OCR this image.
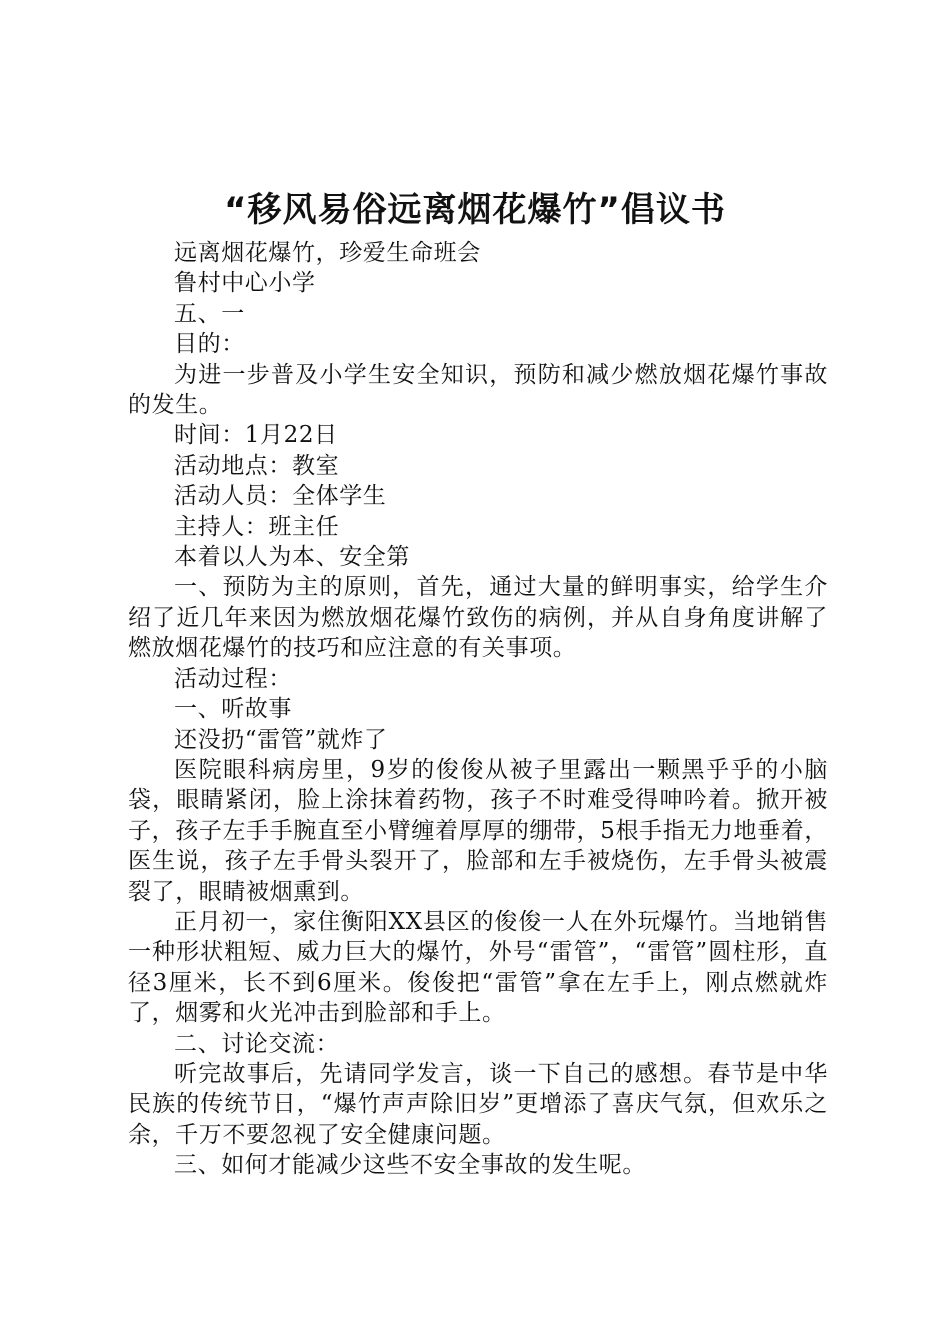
“移风易俗远离烟花爆竹”倡议书

远离烟花爆竹，珍爱生命班会

鲁村中心小学

五、一

目的：

为进一步普及小学生安全知识，预防和减少燃放烟花爆竹事故的发生。

时间：1月22日

活动地点：教室

活动人员：全体学生

主持人：班主任

本着以人为本、安全第

一、预防为主的原则，首先，通过大量的鲜明事实，给学生介绍了近几年来因为燃放烟花爆竹致伤的病例，并从自身角度讲解了燃放烟花爆竹的技巧和应注意的有关事项。

活动过程：

一、听故事

还没扔“雷管”就炸了

医院眼科病房里，9岁的俊俊从被子里露出一颗黑乎乎的小脑袋，眼睛紧闭，脸上涂抹着药物，孩子不时难受得呻吟着。掀开被子，孩子左手手腕直至小臂缠着厚厚的绷带，5根手指无力地垂着，医生说，孩子左手骨头裂开了，脸部和左手被烧伤，左手骨头被震裂了，眼睛被烟熏到。

正月初一，家住衡阳XX县区的俊俊一人在外玩爆竹。当地销售一种形状粗短、威力巨大的爆竹，外号“雷管”，“雷管”圆柱形，直径3厘米，长不到6厘米。俊俊把“雷管”拿在左手上，刚点燃就炸了，烟雾和火光冲击到脸部和手上。

二、讨论交流：

听完故事后，先请同学发言，谈一下自己的感想。春节是中华民族的传统节日，“爆竹声声除旧岁”更增添了喜庆气氛，但欢乐之余，千万不要忽视了安全健康问题。

三、如何才能减少这些不安全事故的发生呢。
